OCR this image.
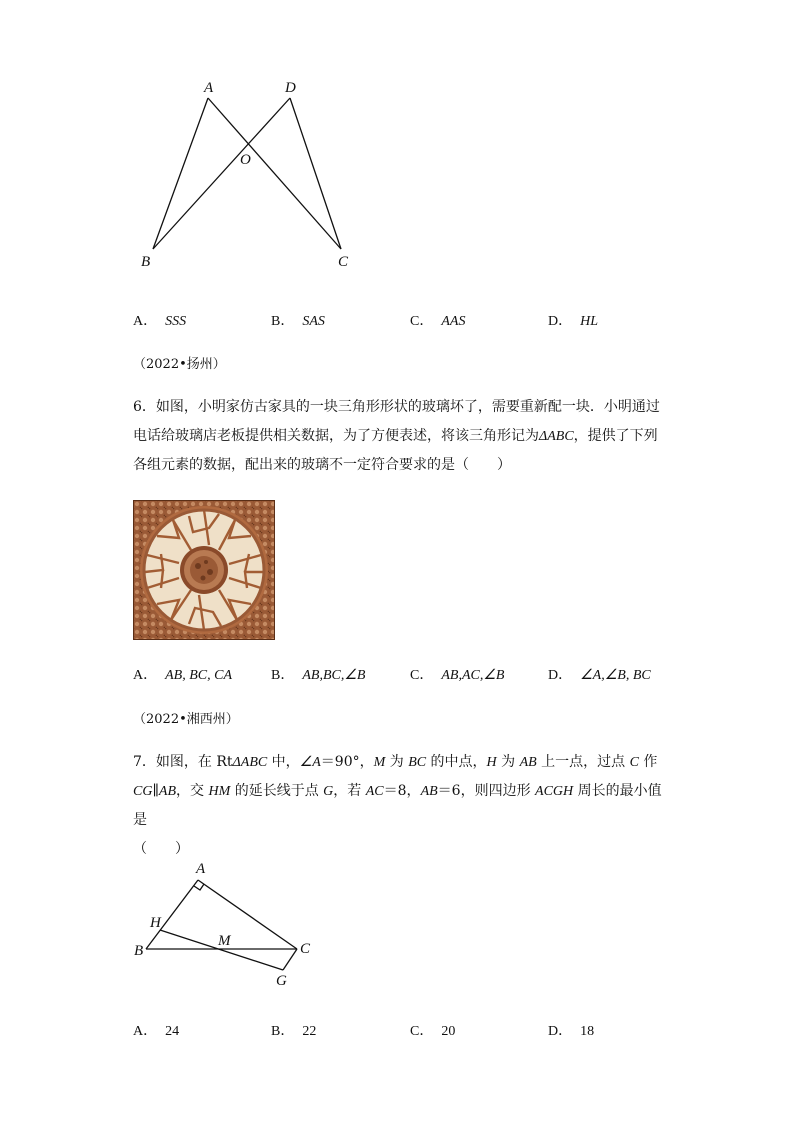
A	D
O
B	C
A． SSS	B． SAS	C． AAS	D． HL
（2022•扬州）
6．如图，小明家仿古家具的一块三角形形状的玻璃坏了，需要重新配一块．小明通过
电话给玻璃店老板提供相关数据，为了方便表述，将该三角形记为ΔABC，提供了下列
各组元素的数据，配出来的玻璃不一定符合要求的是（　　）
A． AB, BC, CA	B． AB,BC,∠B	C． AB,AC,∠B	D． ∠A,∠B, BC
（2022•湘西州）
7．如图，在 RtΔABC 中，∠A＝90°，M 为 BC 的中点，H 为 AB 上一点，过点 C 作
CG∥AB，交 HM 的延长线于点 G，若 AC＝8，AB＝6，则四边形 ACGH 周长的最小值是
（　　）
A
H
B
M	C
G
A． 24	B． 22	C． 20	D． 18
